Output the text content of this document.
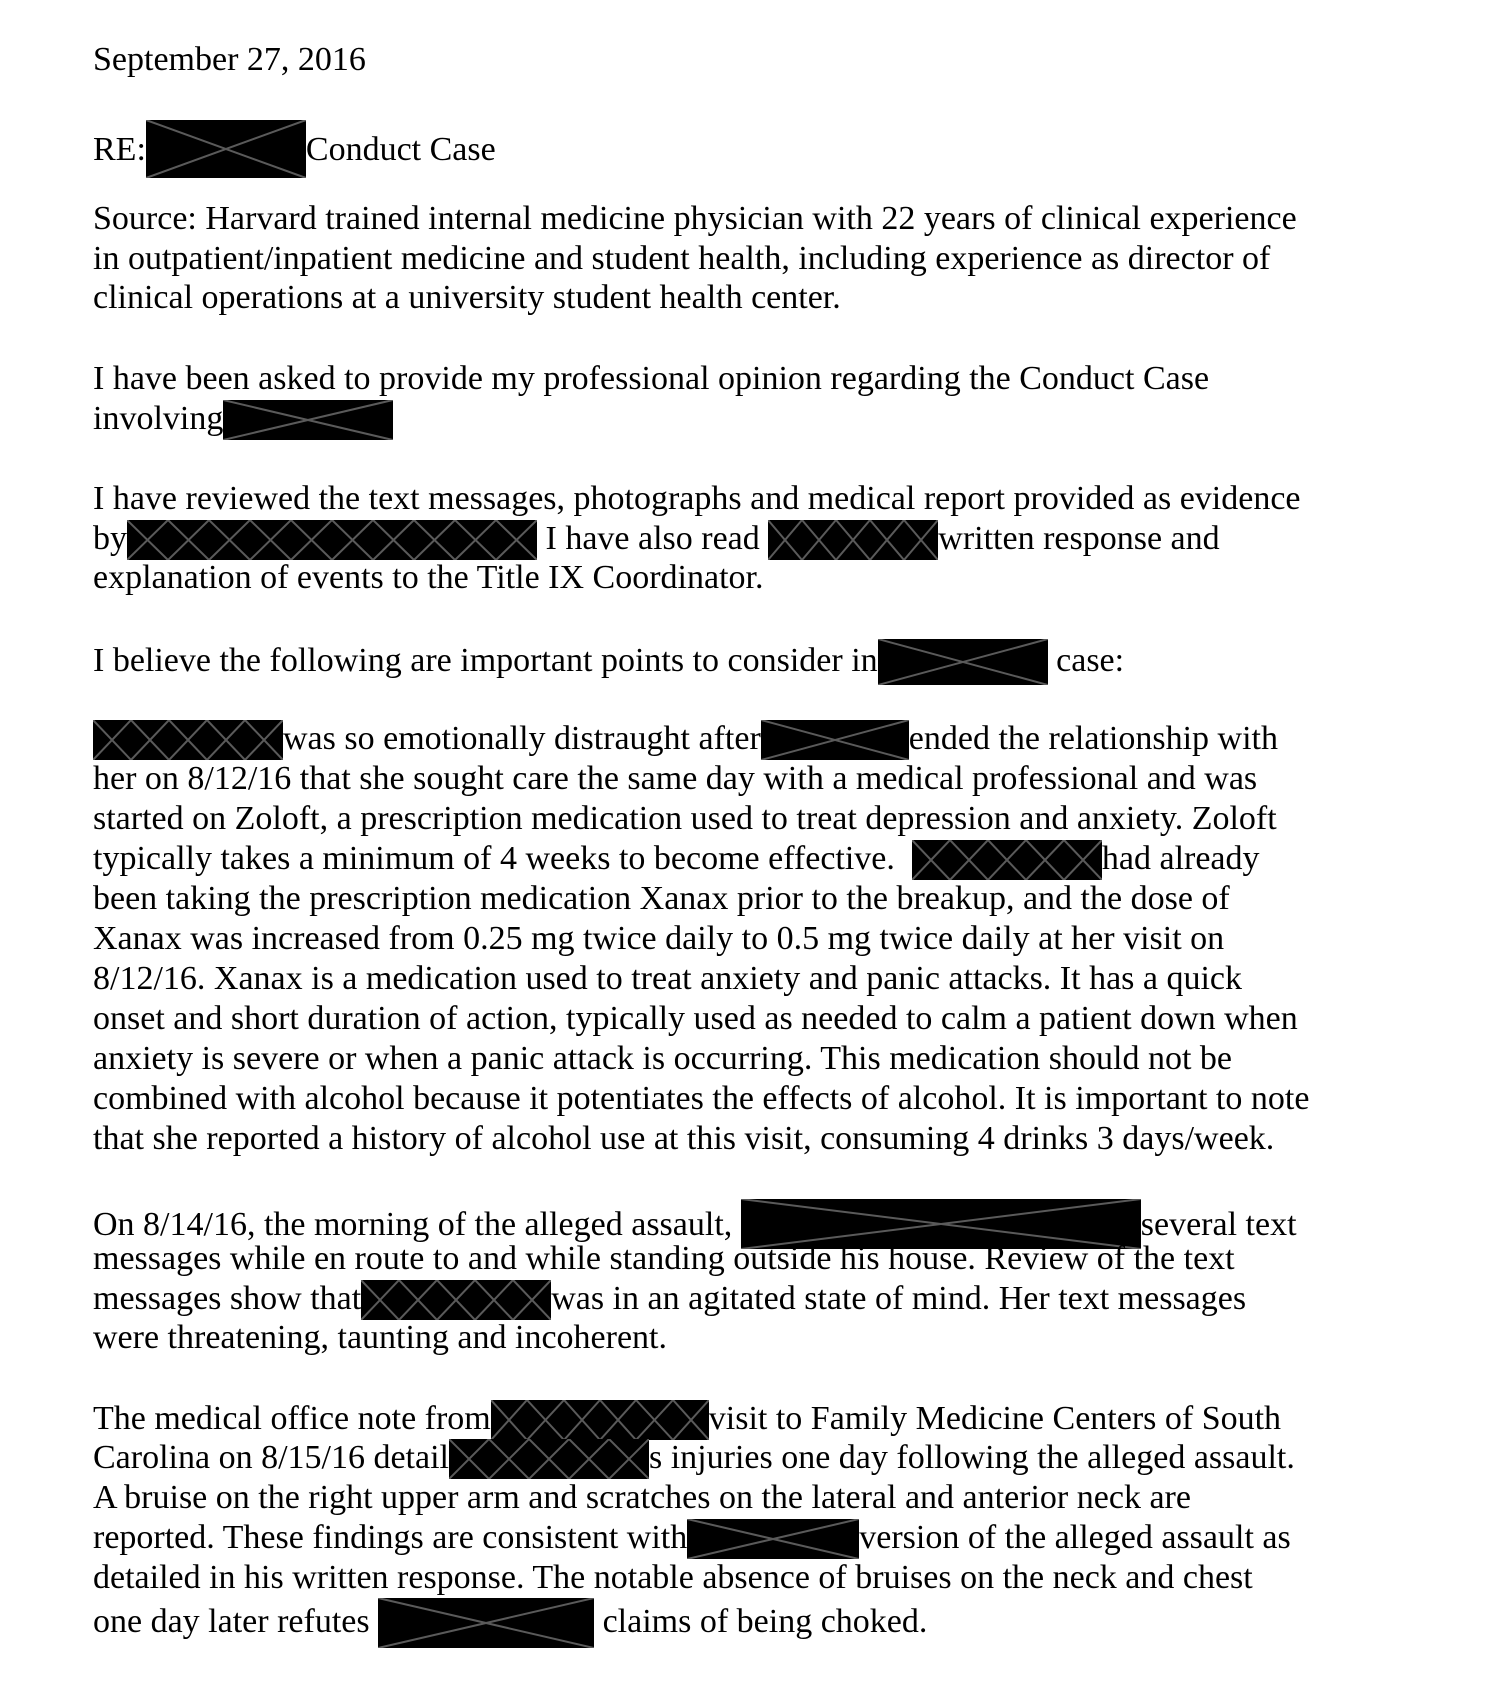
September 27, 2016
RE:	Conduct Case
Source: Harvard trained internal medicine physician with 22 years of clinical experience
in outpatient/inpatient medicine and student health, including experience as director of
clinical operations at a university student health center.
I have been asked to provide my professional opinion regarding the Conduct Case
involving
I have reviewed the text messages, photographs and medical report provided as evidence
by	I have also read	written response and
explanation of events to the Title IX Coordinator.
I believe the following are important points to consider in	case:
was so emotionally distraught after	ended the relationship with
her on 8/12/16 that she sought care the same day with a medical professional and was
started on Zoloft, a prescription medication used to treat depression and anxiety. Zoloft
typically takes a minimum of 4 weeks to become effective.	had already
been taking the prescription medication Xanax prior to the breakup, and the dose of
Xanax was increased from 0.25 mg twice daily to 0.5 mg twice daily at her visit on
8/12/16. Xanax is a medication used to treat anxiety and panic attacks. It has a quick
onset and short duration of action, typically used as needed to calm a patient down when
anxiety is severe or when a panic attack is occurring. This medication should not be
combined with alcohol because it potentiates the effects of alcohol. It is important to note
that she reported a history of alcohol use at this visit, consuming 4 drinks 3 days/week.
On 8/14/16, the morning of the alleged assault,	several text
messages while en route to and while standing outside his house. Review of the text
messages show that	was in an agitated state of mind. Her text messages
were threatening, taunting and incoherent.
The medical office note from	visit to Family Medicine Centers of South
Carolina on 8/15/16 detail	s injuries one day following the alleged assault.
A bruise on the right upper arm and scratches on the lateral and anterior neck are
reported. These findings are consistent with	version of the alleged assault as
detailed in his written response. The notable absence of bruises on the neck and chest
one day later refutes	claims of being choked.
